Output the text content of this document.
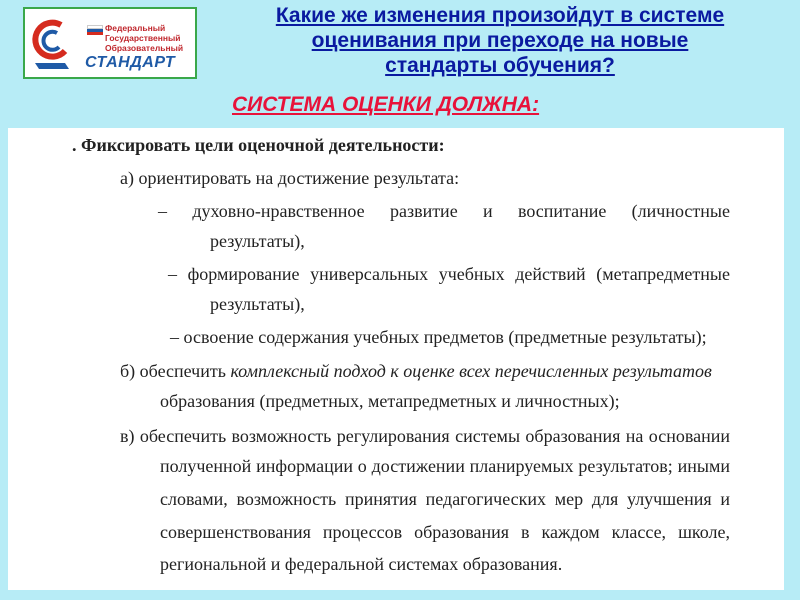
Федеральный
Государственный
Образовательный
СТАНДАРТ
Какие же изменения произойдут в системе
оценивания при переходе на новые
стандарты обучения?
СИСТЕМА ОЦЕНКИ ДОЛЖНА:
. Фиксировать цели оценочной деятельности:
а) ориентировать на достижение результата:
– духовно-нравственное развитие и воспитание (личностные
результаты),
– формирование универсальных учебных действий (метапредметные
результаты),
– освоение содержания учебных предметов (предметные результаты);
б) обеспечить комплексный подход к оценке всех перечисленных результатов
образования (предметных, метапредметных и личностных);
в) обеспечить возможность регулирования системы образования на основании
полученной информации о достижении планируемых результатов; иными
словами, возможность принятия педагогических мер для улучшения и
совершенствования процессов образования в каждом классе, школе,
региональной и федеральной системах образования.
